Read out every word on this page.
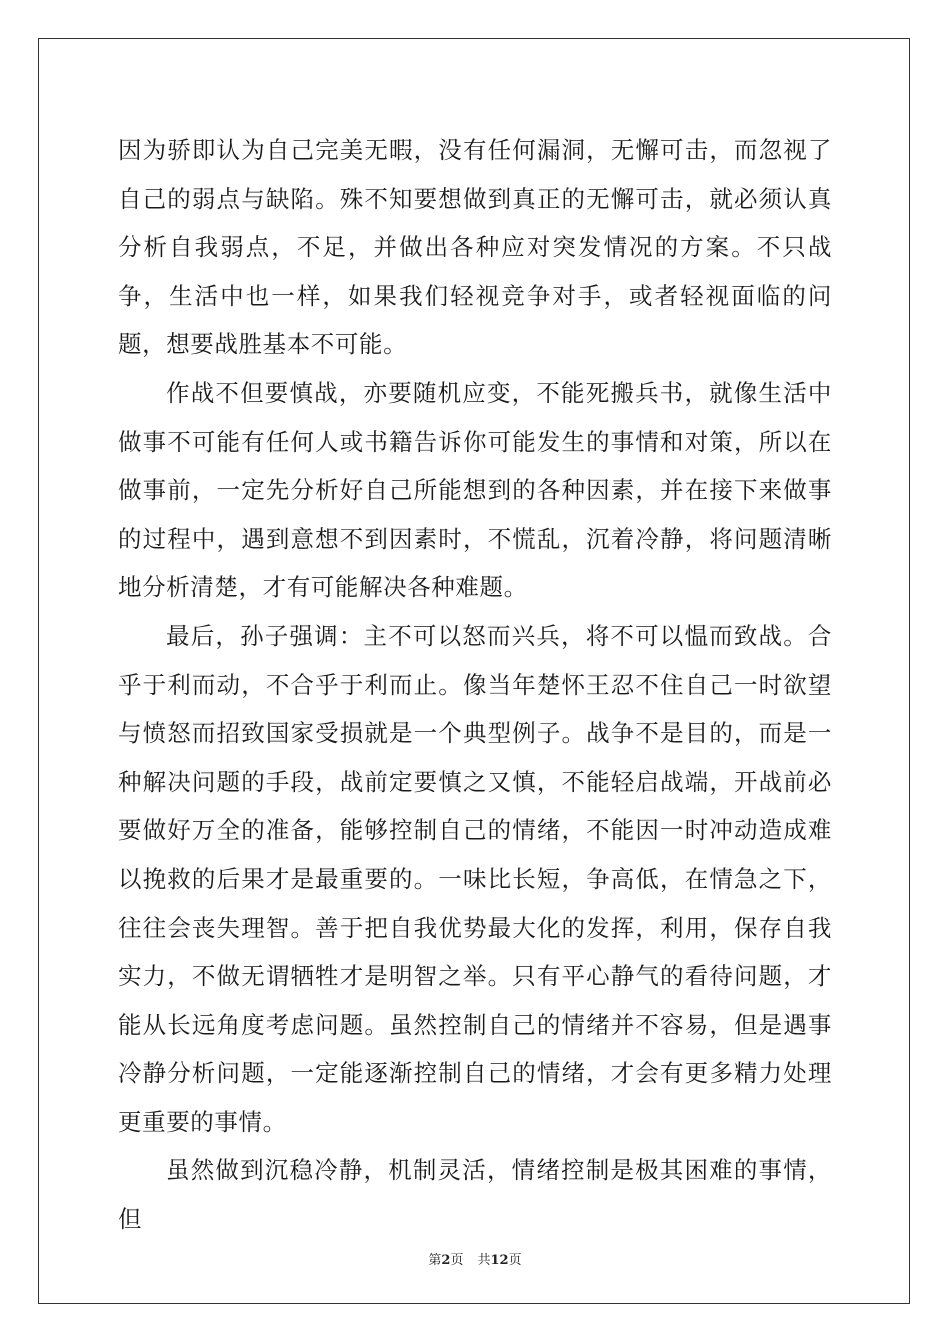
因为骄即认为自己完美无暇，没有任何漏洞，无懈可击，而忽视了自己的弱点与缺陷。殊不知要想做到真正的无懈可击，就必须认真分析自我弱点，不足，并做出各种应对突发情况的方案。不只战争，生活中也一样，如果我们轻视竞争对手，或者轻视面临的问题，想要战胜基本不可能。

作战不但要慎战，亦要随机应变，不能死搬兵书，就像生活中做事不可能有任何人或书籍告诉你可能发生的事情和对策，所以在做事前，一定先分析好自己所能想到的各种因素，并在接下来做事的过程中，遇到意想不到因素时，不慌乱，沉着冷静，将问题清晰地分析清楚，才有可能解决各种难题。

最后，孙子强调：主不可以怒而兴兵，将不可以愠而致战。合乎于利而动，不合乎于利而止。像当年楚怀王忍不住自己一时欲望与愤怒而招致国家受损就是一个典型例子。战争不是目的，而是一种解决问题的手段，战前定要慎之又慎，不能轻启战端，开战前必要做好万全的准备，能够控制自己的情绪，不能因一时冲动造成难以挽救的后果才是最重要的。一味比长短，争高低，在情急之下，往往会丧失理智。善于把自我优势最大化的发挥，利用，保存自我实力，不做无谓牺牲才是明智之举。只有平心静气的看待问题，才能从长远角度考虑问题。虽然控制自己的情绪并不容易，但是遇事冷静分析问题，一定能逐渐控制自己的情绪，才会有更多精力处理更重要的事情。

虽然做到沉稳冷静，机制灵活，情绪控制是极其困难的事情，但

第2页 共12页
